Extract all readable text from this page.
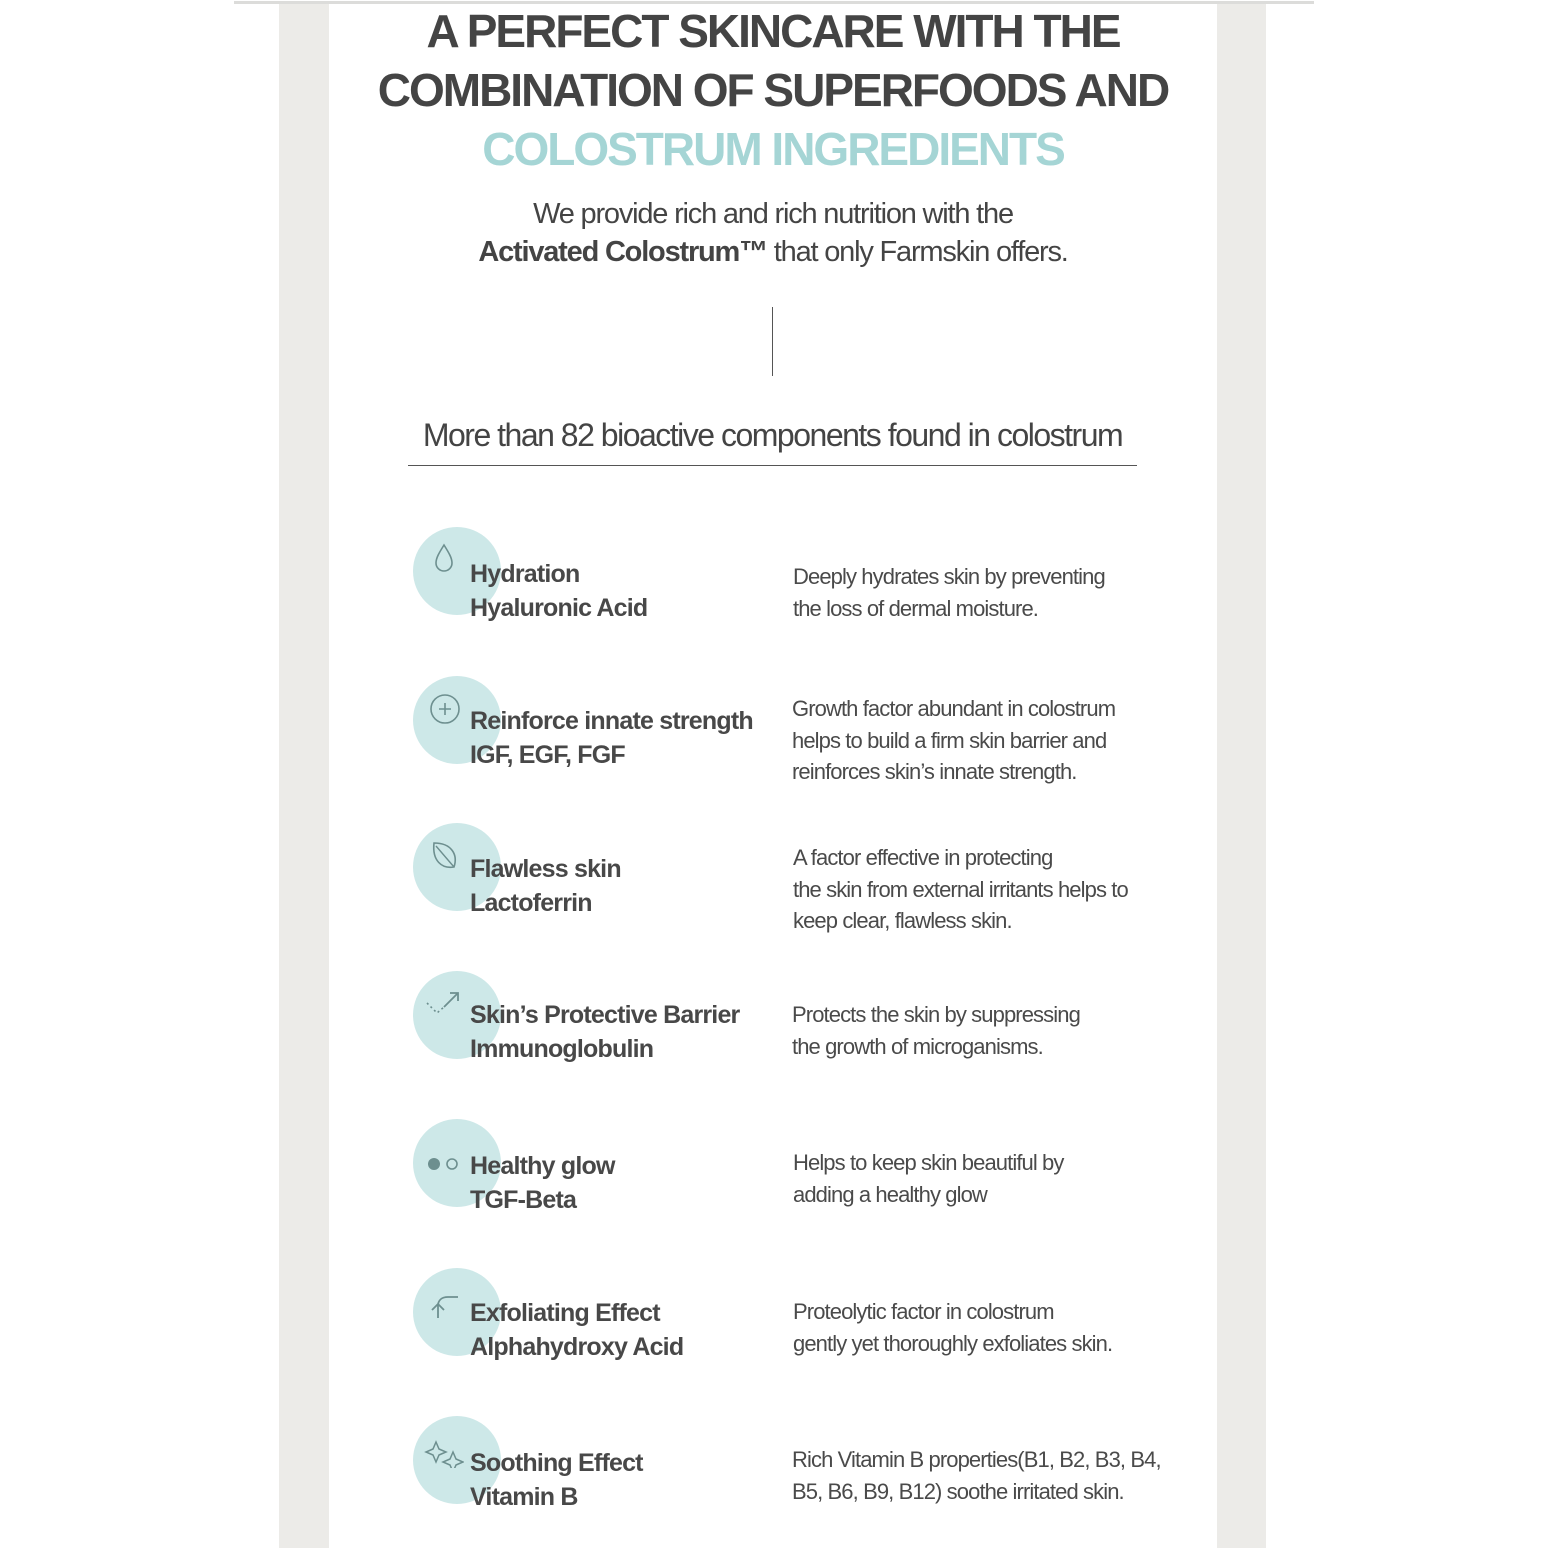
A PERFECT SKINCARE WITH THE
COMBINATION OF SUPERFOODS AND
COLOSTRUM INGREDIENTS

We provide rich and rich nutrition with the
Activated Colostrum™ that only Farmskin offers.

More than 82 bioactive components found in colostrum

Hydration
Hyaluronic Acid

Deeply hydrates skin by preventing
the loss of dermal moisture.

Reinforce innate strength
IGF, EGF, FGF

Growth factor abundant in colostrum
helps to build a firm skin barrier and
reinforces skin’s innate strength.

Flawless skin
Lactoferrin

A factor effective in protecting
the skin from external irritants helps to
keep clear, flawless skin.

Skin’s Protective Barrier
Immunoglobulin

Protects the skin by suppressing
the growth of microganisms.

Healthy glow
TGF-Beta

Helps to keep skin beautiful by
adding a healthy glow

Exfoliating Effect
Alphahydroxy Acid

Proteolytic factor in colostrum
gently yet thoroughly exfoliates skin.

Soothing Effect
Vitamin B

Rich Vitamin B properties(B1, B2, B3, B4,
B5, B6, B9, B12) soothe irritated skin.
